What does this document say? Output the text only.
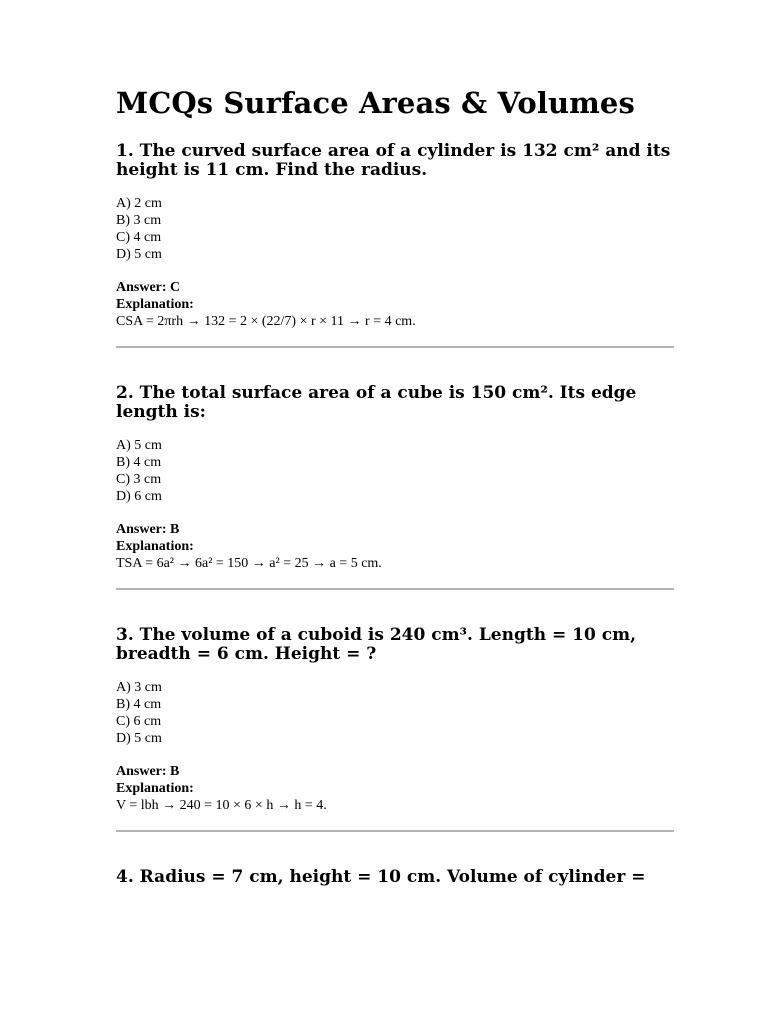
MCQs Surface Areas & Volumes
1. The curved surface area of a cylinder is 132 cm² and its height is 11 cm. Find the radius.
A) 2 cm
B) 3 cm
C) 4 cm
D) 5 cm
Answer: C
Explanation:
CSA = 2πrh → 132 = 2 × (22/7) × r × 11 → r = 4 cm.
2. The total surface area of a cube is 150 cm². Its edge length is:
A) 5 cm
B) 4 cm
C) 3 cm
D) 6 cm
Answer: B
Explanation:
TSA = 6a² → 6a² = 150 → a² = 25 → a = 5 cm.
3. The volume of a cuboid is 240 cm³. Length = 10 cm, breadth = 6 cm. Height = ?
A) 3 cm
B) 4 cm
C) 6 cm
D) 5 cm
Answer: B
Explanation:
V = lbh → 240 = 10 × 6 × h → h = 4.
4. Radius = 7 cm, height = 10 cm. Volume of cylinder =
